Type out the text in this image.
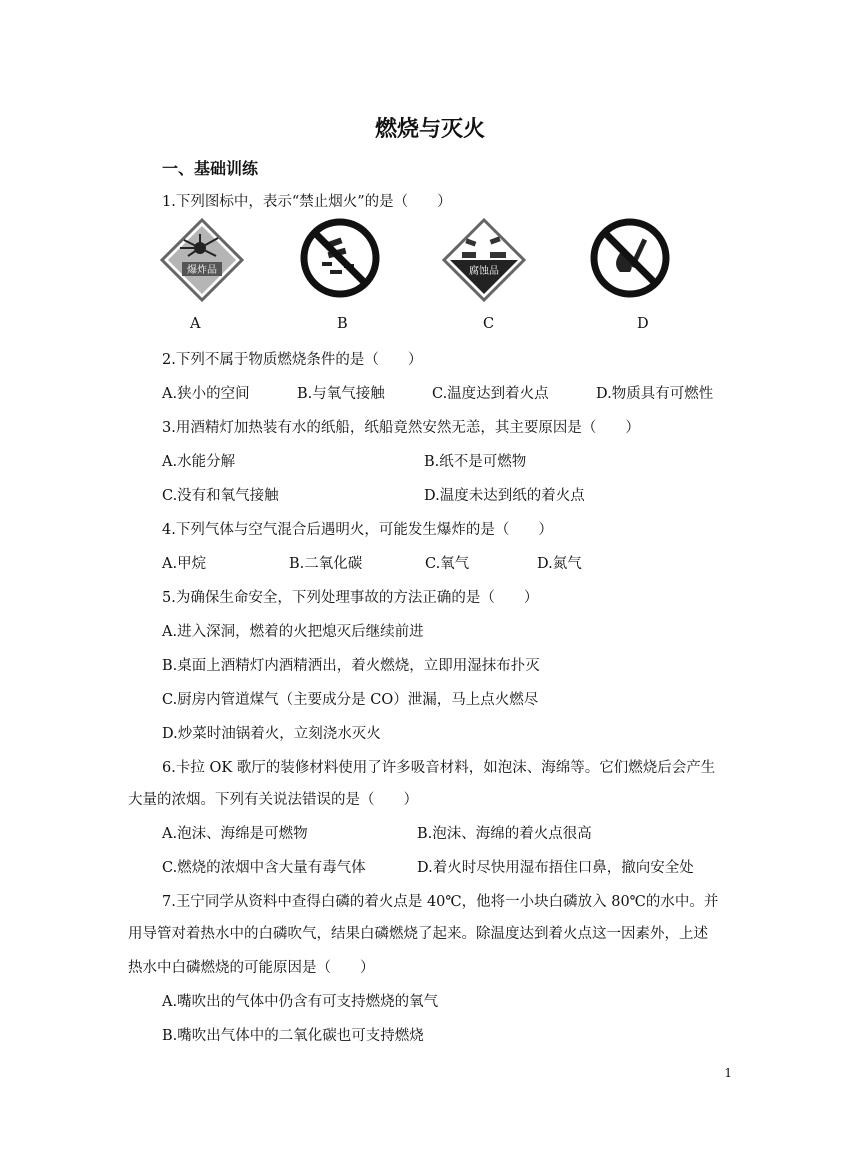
燃烧与灭火
一、基础训练
1.下列图标中，表示“禁止烟火”的是（　　）
爆炸品	腐蚀品
A	B	C	D
2.下列不属于物质燃烧条件的是（　　）
A.狭小的空间	B.与氧气接触	C.温度达到着火点	D.物质具有可燃性
3.用酒精灯加热装有水的纸船，纸船竟然安然无恙，其主要原因是（　　）
A.水能分解	B.纸不是可燃物
C.没有和氧气接触	D.温度未达到纸的着火点
4.下列气体与空气混合后遇明火，可能发生爆炸的是（　　）
A.甲烷	B.二氧化碳	C.氧气	D.氮气
5.为确保生命安全，下列处理事故的方法正确的是（　　）
A.进入深洞，燃着的火把熄灭后继续前进
B.桌面上酒精灯内酒精洒出，着火燃烧，立即用湿抹布扑灭
C.厨房内管道煤气（主要成分是 CO）泄漏，马上点火燃尽
D.炒菜时油锅着火，立刻浇水灭火
6.卡拉 OK 歌厅的装修材料使用了许多吸音材料，如泡沫、海绵等。它们燃烧后会产生
大量的浓烟。下列有关说法错误的是（　　）
A.泡沫、海绵是可燃物	B.泡沫、海绵的着火点很高
C.燃烧的浓烟中含大量有毒气体	D.着火时尽快用湿布捂住口鼻，撤向安全处
7.王宁同学从资料中查得白磷的着火点是 40℃，他将一小块白磷放入 80℃的水中。并
用导管对着热水中的白磷吹气，结果白磷燃烧了起来。除温度达到着火点这一因素外，上述
热水中白磷燃烧的可能原因是（　　）
A.嘴吹出的气体中仍含有可支持燃烧的氧气
B.嘴吹出气体中的二氧化碳也可支持燃烧
1
